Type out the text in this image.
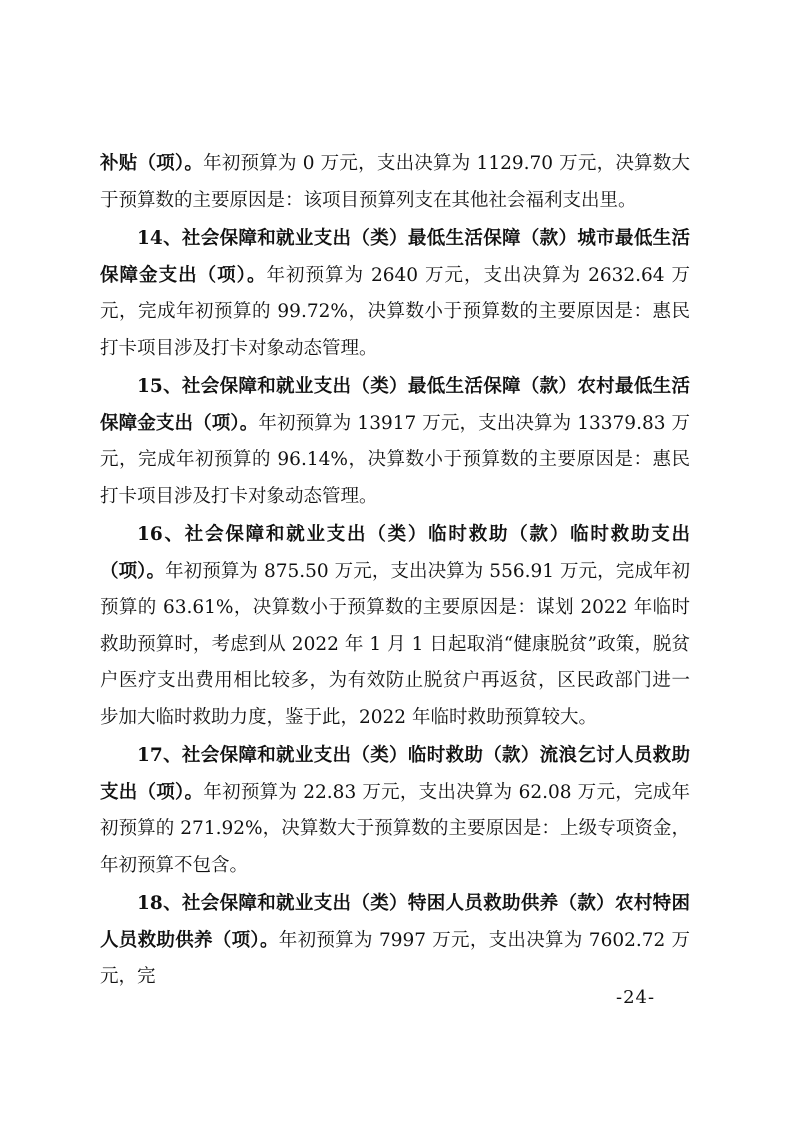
补贴（项）。年初预算为 0 万元，支出决算为 1129.70 万元，决算数大于预算数的主要原因是：该项目预算列支在其他社会福利支出里。

14、社会保障和就业支出（类）最低生活保障（款）城市最低生活保障金支出（项）。年初预算为 2640 万元，支出决算为 2632.64 万元，完成年初预算的 99.72%，决算数小于预算数的主要原因是：惠民打卡项目涉及打卡对象动态管理。

15、社会保障和就业支出（类）最低生活保障（款）农村最低生活保障金支出（项）。年初预算为 13917 万元，支出决算为 13379.83 万元，完成年初预算的 96.14%，决算数小于预算数的主要原因是：惠民打卡项目涉及打卡对象动态管理。

16、社会保障和就业支出（类）临时救助（款）临时救助支出（项）。年初预算为 875.50 万元，支出决算为 556.91 万元，完成年初预算的 63.61%，决算数小于预算数的主要原因是：谋划 2022 年临时救助预算时，考虑到从 2022 年 1 月 1 日起取消“健康脱贫”政策，脱贫户医疗支出费用相比较多，为有效防止脱贫户再返贫，区民政部门进一步加大临时救助力度，鉴于此，2022 年临时救助预算较大。

17、社会保障和就业支出（类）临时救助（款）流浪乞讨人员救助支出（项）。年初预算为 22.83 万元，支出决算为 62.08 万元，完成年初预算的 271.92%，决算数大于预算数的主要原因是：上级专项资金，年初预算不包含。

18、社会保障和就业支出（类）特困人员救助供养（款）农村特困人员救助供养（项）。年初预算为 7997 万元，支出决算为 7602.72 万元，完

-24-
